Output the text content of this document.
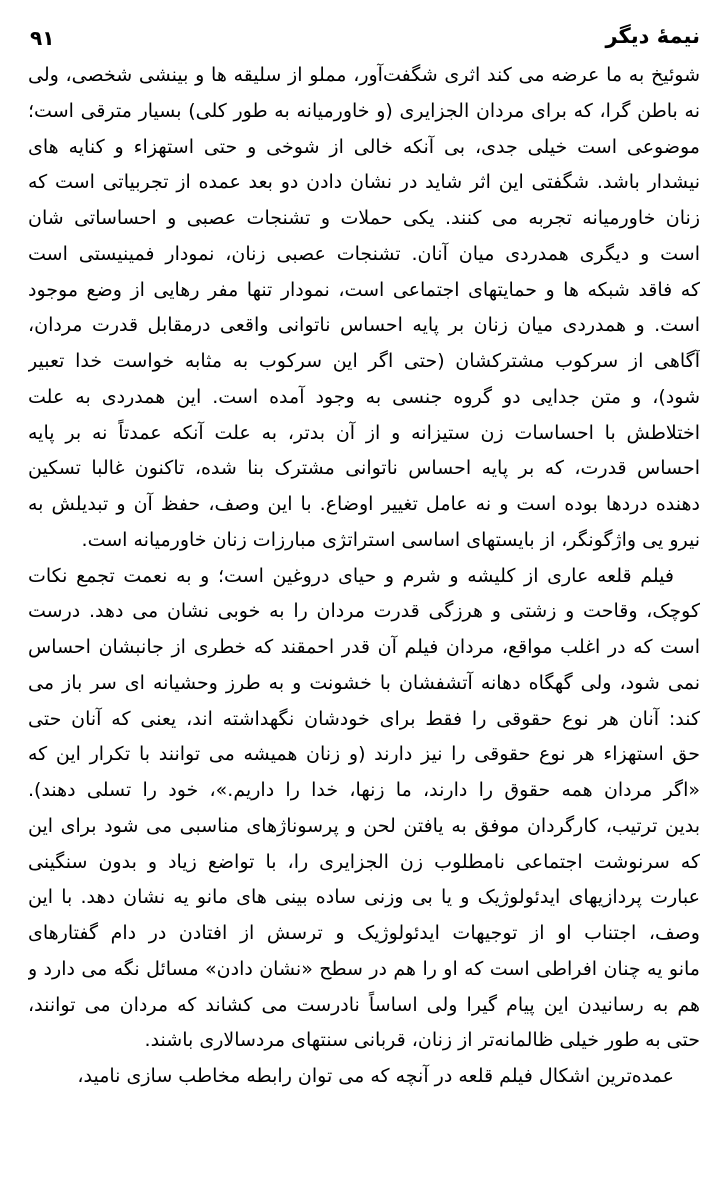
نیمهٔ دیگر
۹۱
شوئیخ به ما عرضه می کند اثری شگفت‌آور، مملو از سلیقه ها و بینشی شخصی، ولی
نه باطن گرا، که برای مردان الجزایری (و خاورمیانه به طور کلی) بسیار مترقی است؛
موضوعی است خیلی جدی، بی آنکه خالی از شوخی و حتی استهزاء و کنایه های
نیشدار باشد. شگفتی این اثر شاید در نشان دادن دو بعد عمده از تجربیاتی است که
زنان خاورمیانه تجربه می کنند. یکی حملات و تشنجات عصبی و احساساتی شان
است و دیگری همدردی میان آنان. تشنجات عصبی زنان، نمودار فمینیستی است
که فاقد شبکه ها و حمایتهای اجتماعی است، نمودار تنها مفر رهایی از وضع موجود
است. و همدردی میان زنان بر پایه احساس ناتوانی واقعی درمقابل قدرت مردان،
آگاهی از سرکوب مشترکشان (حتی اگر این سرکوب به مثابه خواست خدا تعبیر
شود)، و متن جدایی دو گروه جنسی به وجود آمده است. این همدردی به علت
اختلاطش با احساسات زن ستیزانه و از آن بدتر، به علت آنکه عمدتاً نه بر پایه
احساس قدرت، که بر پایه احساس ناتوانی مشترک بنا شده، تاکنون غالبا تسکین
دهنده دردها بوده است و نه عامل تغییر اوضاع. با این وصف، حفظ آن و تبدیلش به
نیرو یی واژگونگر، از بایستهای اساسی استراتژی مبارزات زنان خاورمیانه است.
فیلم قلعه عاری از کلیشه و شرم و حیای دروغین است؛ و به نعمت تجمع نکات
کوچک، وقاحت و زشتی و هرزگی قدرت مردان را به خوبی نشان می دهد. درست
است که در اغلب مواقع، مردان فیلم آن قدر احمقند که خطری از جانبشان احساس
نمی شود، ولی گهگاه دهانه آتشفشان با خشونت و به طرز وحشیانه ای سر باز می
کند: آنان هر نوع حقوقی را فقط برای خودشان نگهداشته اند، یعنی که آنان حتی
حق استهزاء هر نوع حقوقی را نیز دارند (و زنان همیشه می توانند با تکرار این که
«اگر مردان همه حقوق را دارند، ما زنها، خدا را داریم.»، خود را تسلی دهند).
بدین ترتیب، کارگردان موفق به یافتن لحن و پرسوناژهای مناسبی می شود برای این
که سرنوشت اجتماعی نامطلوب زن الجزایری را، با تواضع زیاد و بدون سنگینی
عبارت پردازیهای ایدئولوژیک و یا بی وزنی ساده بینی های مانو یه نشان دهد. با این
وصف، اجتناب او از توجیهات ایدئولوژیک و ترسش از افتادن در دام گفتارهای
مانو یه چنان افراطی است که او را هم در سطح «نشان دادن» مسائل نگه می دارد و
هم به رسانیدن این پیام گیرا ولی اساساً نادرست می کشاند که مردان می توانند،
حتی به طور خیلی ظالمانه‌تر از زنان، قربانی سنتهای مردسالاری باشند.
عمده‌ترین اشکال فیلم قلعه در آنچه که می توان رابطه مخاطب سازی نامید،
